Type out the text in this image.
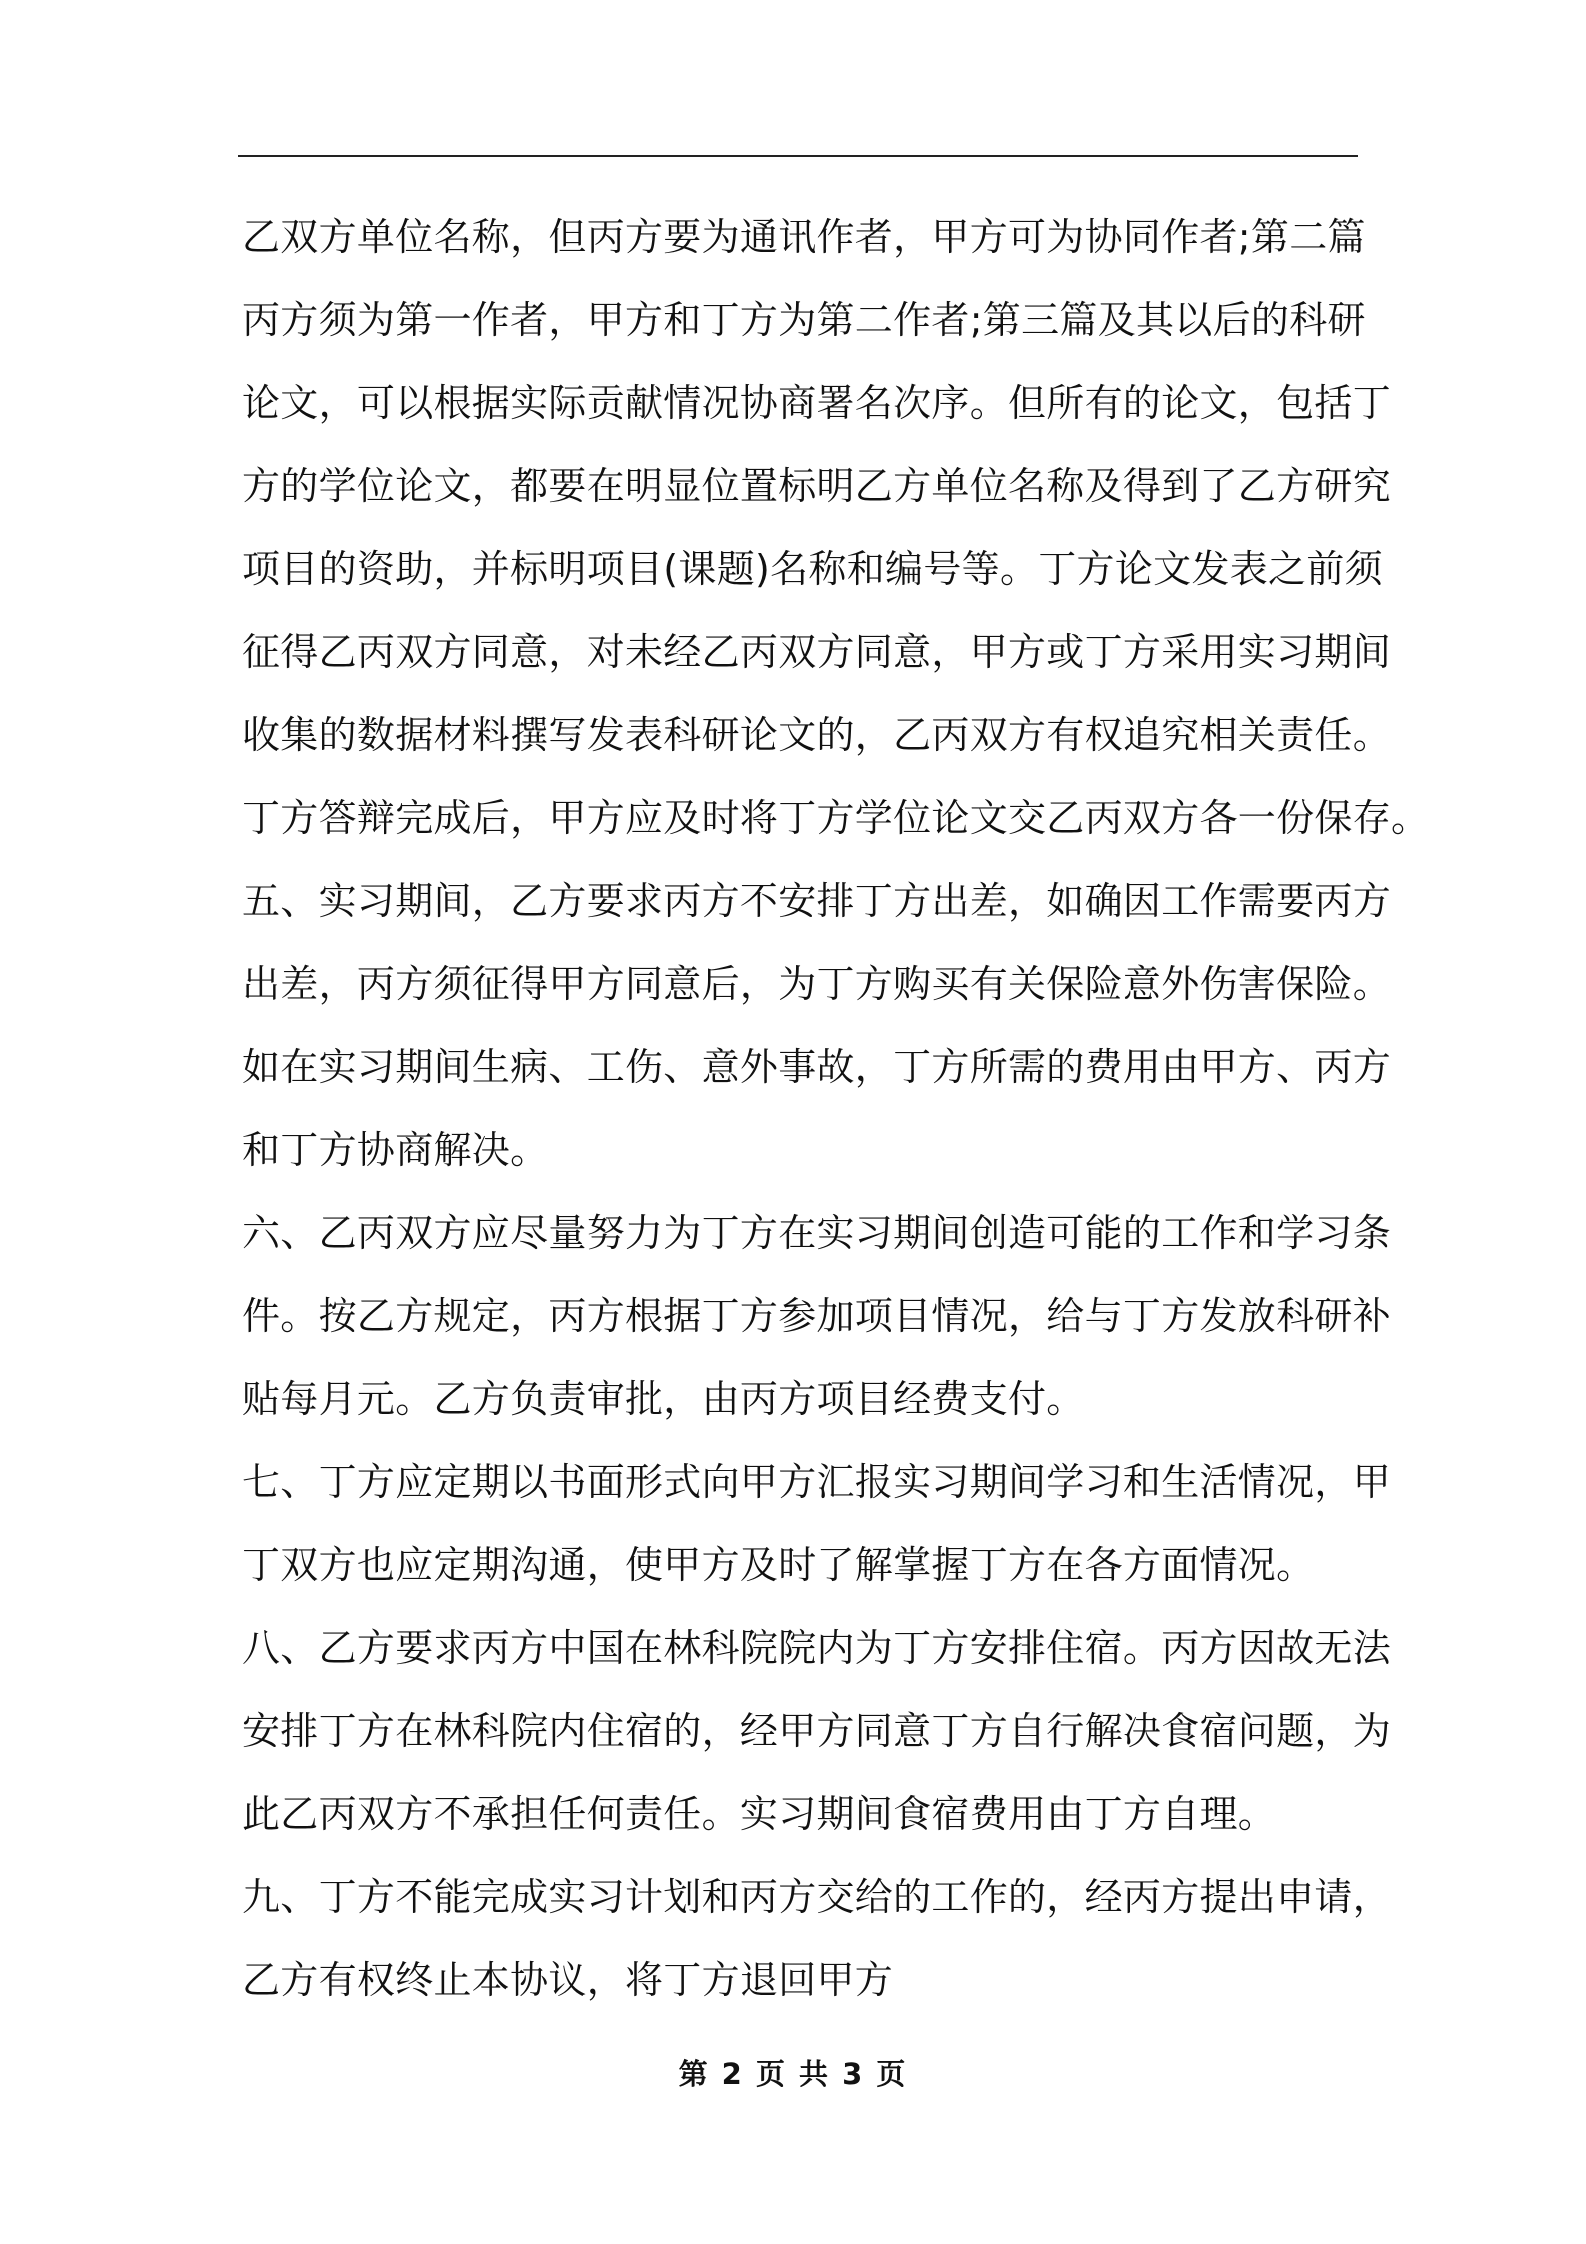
乙双方单位名称，但丙方要为通讯作者，甲方可为协同作者;第二篇
丙方须为第一作者，甲方和丁方为第二作者;第三篇及其以后的科研
论文，可以根据实际贡献情况协商署名次序。但所有的论文，包括丁
方的学位论文，都要在明显位置标明乙方单位名称及得到了乙方研究
项目的资助，并标明项目(课题)名称和编号等。丁方论文发表之前须
征得乙丙双方同意，对未经乙丙双方同意，甲方或丁方采用实习期间
收集的数据材料撰写发表科研论文的，乙丙双方有权追究相关责任。
丁方答辩完成后，甲方应及时将丁方学位论文交乙丙双方各一份保存。
五、实习期间，乙方要求丙方不安排丁方出差，如确因工作需要丙方
出差，丙方须征得甲方同意后，为丁方购买有关保险意外伤害保险。
如在实习期间生病、工伤、意外事故，丁方所需的费用由甲方、丙方
和丁方协商解决。
六、乙丙双方应尽量努力为丁方在实习期间创造可能的工作和学习条
件。按乙方规定，丙方根据丁方参加项目情况，给与丁方发放科研补
贴每月元。乙方负责审批，由丙方项目经费支付。
七、丁方应定期以书面形式向甲方汇报实习期间学习和生活情况，甲
丁双方也应定期沟通，使甲方及时了解掌握丁方在各方面情况。
八、乙方要求丙方中国在林科院院内为丁方安排住宿。丙方因故无法
安排丁方在林科院内住宿的，经甲方同意丁方自行解决食宿问题，为
此乙丙双方不承担任何责任。实习期间食宿费用由丁方自理。
九、丁方不能完成实习计划和丙方交给的工作的，经丙方提出申请，
乙方有权终止本协议，将丁方退回甲方
第 2 页 共 3 页
